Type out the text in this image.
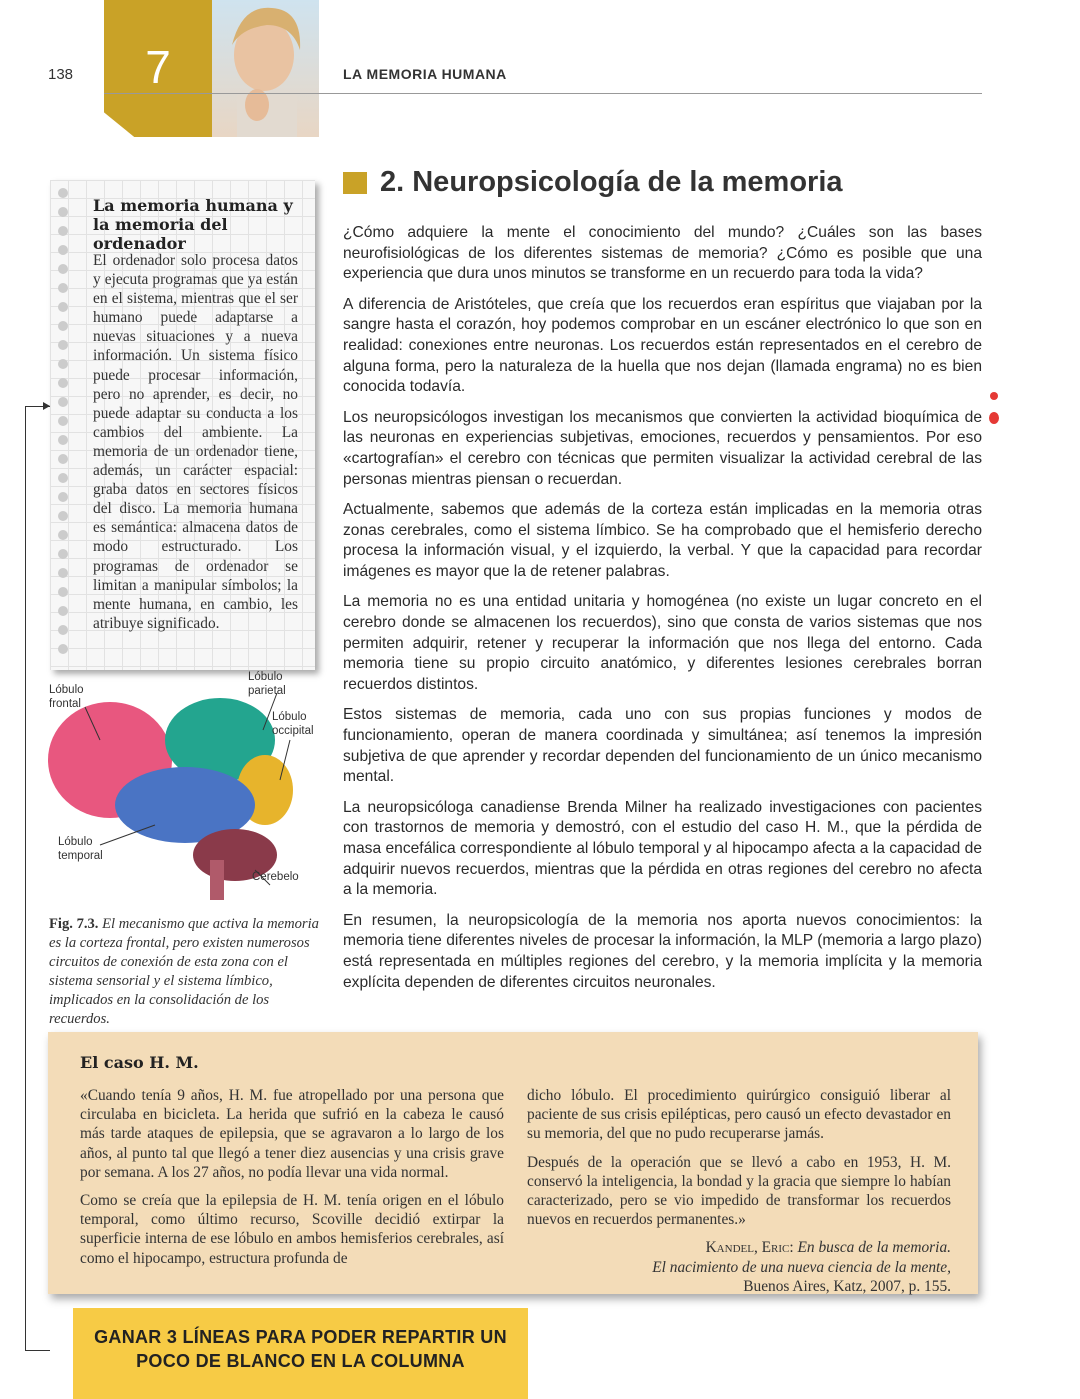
138	7	LA MEMORIA HUMANA
2. Neuropsicología de la memoria

¿Cómo adquiere la mente el conocimiento del mundo? ¿Cuáles son las bases neurofisiológicas de los diferentes sistemas de memoria? ¿Cómo es posible que una experiencia que dura unos minutos se transforme en un recuerdo para toda la vida?

A diferencia de Aristóteles, que creía que los recuerdos eran espíritus que viajaban por la sangre hasta el corazón, hoy podemos comprobar en un escáner electrónico lo que son en realidad: conexiones entre neuronas. Los recuerdos están representados en el cerebro de alguna forma, pero la naturaleza de la huella que nos dejan (llamada engrama) no es bien conocida todavía.

Los neuropsicólogos investigan los mecanismos que convierten la actividad bioquímica de las neuronas en experiencias subjetivas, emociones, recuerdos y pensamientos. Por eso «cartografían» el cerebro con técnicas que permiten visualizar la actividad cerebral de las personas mientras piensan o recuerdan.

Actualmente, sabemos que además de la corteza están implicadas en la memoria otras zonas cerebrales, como el sistema límbico. Se ha comprobado que el hemisferio derecho procesa la información visual, y el izquierdo, la verbal. Y que la capacidad para recordar imágenes es mayor que la de retener palabras.

La memoria no es una entidad unitaria y homogénea (no existe un lugar concreto en el cerebro donde se almacenen los recuerdos), sino que consta de varios sistemas que nos permiten adquirir, retener y recuperar la información que nos llega del entorno. Cada memoria tiene su propio circuito anatómico, y diferentes lesiones cerebrales borran recuerdos distintos.

Estos sistemas de memoria, cada uno con sus propias funciones y modos de funcionamiento, operan de manera coordinada y simultánea; así tenemos la impresión subjetiva de que aprender y recordar dependen del funcionamiento de un único mecanismo mental.

La neuropsicóloga canadiense Brenda Milner ha realizado investigaciones con pacientes con trastornos de memoria y demostró, con el estudio del caso H. M., que la pérdida de masa encefálica correspondiente al lóbulo temporal y al hipocampo afecta a la capacidad de adquirir nuevos recuerdos, mientras que la pérdida en otras regiones del cerebro no afecta a la memoria.

En resumen, la neuropsicología de la memoria nos aporta nuevos conocimientos: la memoria tiene diferentes niveles de procesar la información, la MLP (memoria a largo plazo) está representada en múltiples regiones del cerebro, y la memoria implícita y la memoria explícita dependen de diferentes circuitos neuronales.

La memoria humana y la memoria del ordenador
El ordenador solo procesa datos y ejecuta programas que ya están en el sistema, mientras que el ser humano puede adaptarse a nuevas situaciones y a nueva información. Un sistema físico puede procesar información, pero no aprender, es decir, no puede adaptar su conducta a los cambios del ambiente. La memoria de un ordenador tiene, además, un carácter espacial: graba datos en sectores físicos del disco. La memoria humana es semántica: almacena datos de modo estructurado. Los programas de ordenador se limitan a manipular símbolos; la mente humana, en cambio, les atribuye significado.
Lóbulo frontal
Lóbulo parietal
Lóbulo occipital
Lóbulo temporal
Cerebelo
Fig. 7.3. El mecanismo que activa la memoria es la corteza frontal, pero existen numerosos circuitos de conexión de esta zona con el sistema sensorial y el sistema límbico, implicados en la consolidación de los recuerdos.
El caso H. M.

«Cuando tenía 9 años, H. M. fue atropellado por una persona que circulaba en bicicleta. La herida que sufrió en la cabeza le causó más tarde ataques de epilepsia, que se agravaron a lo largo de los años, al punto tal que llegó a tener diez ausencias y una crisis grave por semana. A los 27 años, no podía llevar una vida normal.

Como se creía que la epilepsia de H. M. tenía origen en el lóbulo temporal, como último recurso, Scoville decidió extirpar la superficie interna de ese lóbulo en ambos hemisferios cerebrales, así como el hipocampo, estructura profunda de

dicho lóbulo. El procedimiento quirúrgico consiguió liberar al paciente de sus crisis epilépticas, pero causó un efecto devastador en su memoria, del que no pudo recuperarse jamás.

Después de la operación que se llevó a cabo en 1953, H. M. conservó la inteligencia, la bondad y la gracia que siempre lo habían caracterizado, pero se vio impedido de transformar los recuerdos nuevos en recuerdos permanentes.»

Kandel, Eric: En busca de la memoria.
El nacimiento de una nueva ciencia de la mente,
Buenos Aires, Katz, 2007, p. 155.
GANAR 3 LÍNEAS PARA PODER REPARTIR UN POCO DE BLANCO EN LA COLUMNA
